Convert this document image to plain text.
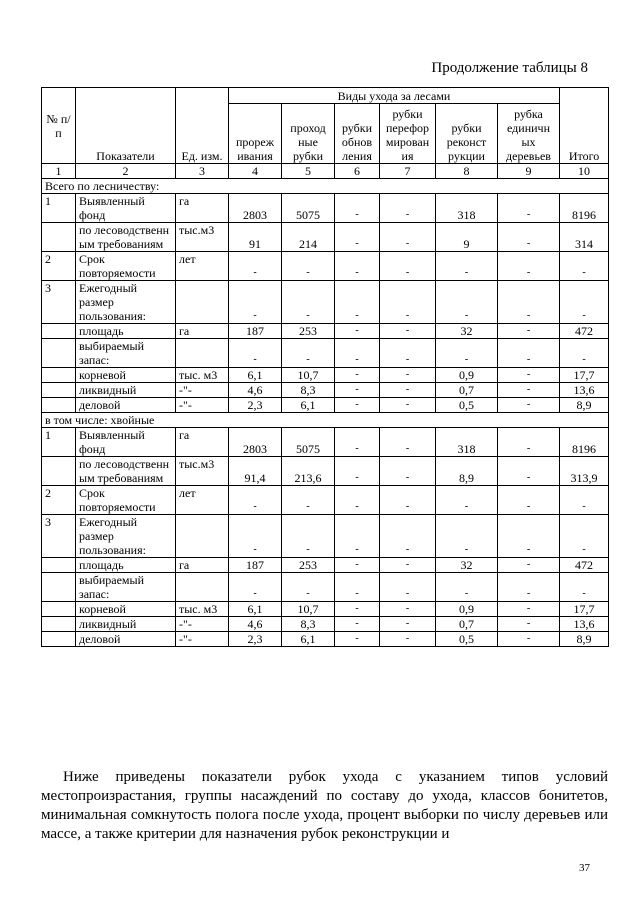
Продолжение таблицы 8
№ п/п	Показатели	Ед. изм.	Виды ухода за лесами						Итого
			прореж ивания	проход ные рубки	рубки обнов ления	рубки перефор мирован ия	рубки реконст рукции	рубка единичн ых деревьев	
1	2	3	4	5	6	7	8	9	10
Всего по лесничеству:									
1	Выявленный фонд	га	2803	5075	-	-	318	-	8196
	по лесоводственн ым требованиям	тыс.м3	91	214	-	-	9	-	314
2	Срок повторяемости	лет	-	-	-	-	-	-	-
3	Ежегодный размер пользования:		-	-	-	-	-	-	-
	площадь	га	187	253	-	-	32	-	472
	выбираемый запас:		-	-	-	-	-	-	-
	корневой	тыс. м3	6,1	10,7	-	-	0,9	-	17,7
	ликвидный	-"-	4,6	8,3	-	-	0,7	-	13,6
	деловой	-"-	2,3	6,1	-	-	0,5	-	8,9
в том числе: хвойные									
1	Выявленный фонд	га	2803	5075	-	-	318	-	8196
	по лесоводственн ым требованиям	тыс.м3	91,4	213,6	-	-	8,9	-	313,9
2	Срок повторяемости	лет	-	-	-	-	-	-	-
3	Ежегодный размер пользования:		-	-	-	-	-	-	-
	площадь	га	187	253	-	-	32	-	472
	выбираемый запас:		-	-	-	-	-	-	-
	корневой	тыс. м3	6,1	10,7	-	-	0,9	-	17,7
	ликвидный	-"-	4,6	8,3	-	-	0,7	-	13,6
	деловой	-"-	2,3	6,1	-	-	0,5	-	8,9
Ниже приведены показатели рубок ухода с указанием типов условий местопроизрастания, группы насаждений по составу до ухода, классов бонитетов, минимальная сомкнутость полога после ухода, процент выборки по числу деревьев или массе, а также критерии для назначения рубок реконструкции и
37
